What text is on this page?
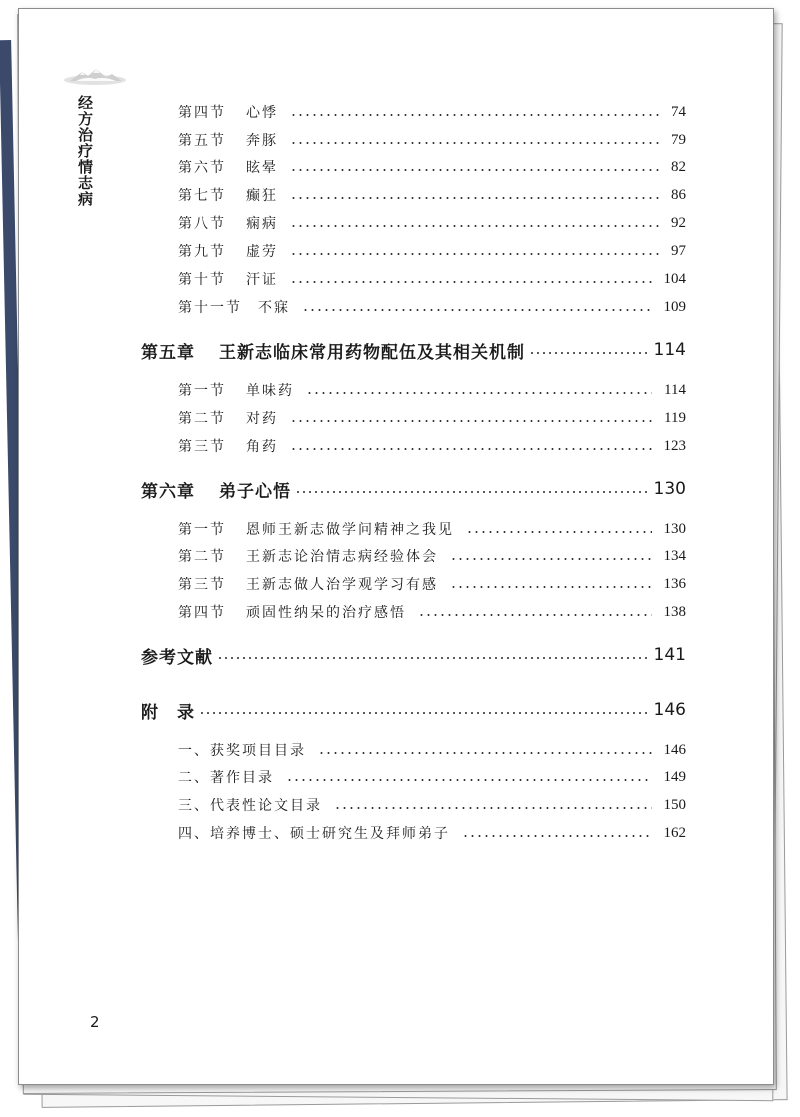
经方治疗情志病	第四节	心悸	74
第五节	奔豚	79
第六节	眩晕	82
第七节	癫狂	86
第八节	痫病	92
第九节	虚劳	97
第十节	汗证	104
第十一节 不寐	109
第五章	王新志临床常用药物配伍及其相关机制	114
第一节	单味药	114
第二节	对药	119
第三节	角药	123
第六章	弟子心悟	130
第一节	恩师王新志做学问精神之我见	130
第二节	王新志论治情志病经验体会	134
第三节	王新志做人治学观学习有感	136
第四节	顽固性纳呆的治疗感悟	138
参考文献	141
附　录	146
一、获奖项目目录	146
二、著作目录	149
三、代表性论文目录	150
四、培养博士、硕士研究生及拜师弟子	162
2
